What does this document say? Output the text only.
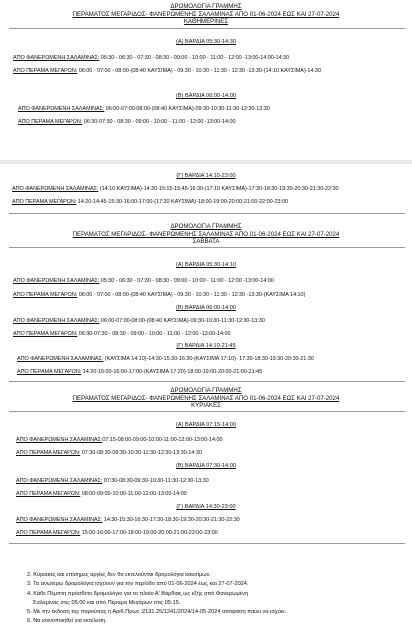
ΔΡΟΜΟΛΟΓΙΑ ΓΡΑΜΜΗΣ
ΠΕΡΑΜΑΤΟΣ ΜΕΓΑΡΙΔΟΣ- ΦΑΝΕΡΩΜΕΝΗΣ ΣΑΛΑΜΙΝΑΣ ΑΠΟ 01-06-2024 ΕΩΣ ΚΑΙ 27-07-2024
ΚΑΘΗΜΕΡΙΝΕΣ
(Α) ΒΑΡΔΙΑ 05:30-14:30
ΑΠΟ ΦΑΝΕΡΩΜΕΝΗ ΣΑΛΑΜΙΝΑΣ: 05:30 - 06:30 - 07:30 - 08:30 - 09:00 - 10:00 - 11:00 - 12:00 -13:00-14:00-14:30
ΑΠΟ ΠΕΡΑΜΑ ΜΕΓΑΡΩΝ: 06:00 - 07:00 - 08:00-(08:40 ΚΑΥΣΙΜΑ) - 09:30 - 10:30 - 11:30 - 12:30 -13:30-(14:10 ΚΑΥΣΙΜΑ)-14:30
(Β) ΒΑΡΔΙΑ 06:00-14:00
ΑΠΟ ΦΑΝΕΡΩΜΕΝΗ ΣΑΛΑΜΙΝΑΣ: 06:00-07:00-08:00-(08:40 ΚΑΥΣΙΜΑ)-09:30-10:30-11:30-12:30-13:30
ΑΠΟ ΠΕΡΑΜΑ ΜΕΓΑΡΩΝ: 06:30-07:30 - 08:30 - 09:00 - 10:00 - 11:00 - 12:00 -13:00-14:00
(Γ) ΒΑΡΔΙΑ 14:10-23:00
ΑΠΟ ΦΑΝΕΡΩΜΕΝΗ ΣΑΛΑΜΙΝΑΣ: (14:10 ΚΑΥΣΙΜΑ)-14:30-15:15-15:45-16:30-(17:10 ΚΑΥΣΙΜΑ)-17:30-18:30-19:30-20:30-21:30-22:30
ΑΠΟ ΠΕΡΑΜΑ ΜΕΓΑΡΩΝ: 14:20-14:45-15:30-16:00-17:00-(17:20 ΚΑΥΣΙΜΑ)-18:00-19:00-20:00-21:00-22:00-23:00
ΔΡΟΜΟΛΟΓΙΑ ΓΡΑΜΜΗΣ
ΠΕΡΑΜΑΤΟΣ ΜΕΓΑΡΙΔΟΣ- ΦΑΝΕΡΩΜΕΝΗΣ ΣΑΛΑΜΙΝΑΣ ΑΠΟ 01-06-2024 ΕΩΣ ΚΑΙ 27-07-2024
ΣΑΒΒΑΤΑ
(Α) ΒΑΡΔΙΑ 05:30-14:10
ΑΠΟ ΦΑΝΕΡΩΜΕΝΗ ΣΑΛΑΜΙΝΑΣ: 05:30 - 06:30 - 07:30 - 08:30 - 09:00 - 10:00 - 11:00 - 12:00 -13:00-14:00
ΑΠΟ ΠΕΡΑΜΑ ΜΕΓΑΡΩΝ: 06:00 - 07:00 - 08:00-(08:40 ΚΑΥΣΙΜΑ) - 09:30 - 10:30 - 11:30 - 12:30 -13:30-(ΚΑΥΣΙΜΑ 14:10)
(Β) ΒΑΡΔΙΑ 06:00-14:00
ΑΠΟ ΦΑΝΕΡΩΜΕΝΗ ΣΑΛΑΜΙΝΑΣ: 06:00-07:00-08:00-(08:40 ΚΑΥΣΙΜΑ)-09:30-10:30-11:30-12:30-13:30
ΑΠΟ ΠΕΡΑΜΑ ΜΕΓΑΡΩΝ: 06:30-07:30 - 08:30 - 09:00 - 10:00 - 11:00 - 12:00 -13:00-14:00
(Γ) ΒΑΡΔΙΑ 14:10-21:45
ΑΠΟ ΦΑΝΕΡΩΜΕΝΗ ΣΑΛΑΜΙΝΑΣ: (ΚΑΥΣΙΜΑ 14:10)-14:30-15:30-16:30-(ΚΑΥΣΙΜΑ 17:10)- 17:30-18:30-19:30-20:30-21:30
ΑΠΟ ΠΕΡΑΜΑ ΜΕΓΑΡΩΝ: 14:20-15:00-16:00-17:00-(ΚΑΥΣΙΜΑ 17:20)-18:00-19:00-20:00-21:00-21:45
ΔΡΟΜΟΛΟΓΙΑ ΓΡΑΜΜΗΣ
ΠΕΡΑΜΑΤΟΣ ΜΕΓΑΡΙΔΟΣ- ΦΑΝΕΡΩΜΕΝΗΣ ΣΑΛΑΜΙΝΑΣ ΑΠΟ 01-06-2024 ΕΩΣ ΚΑΙ 27-07-2024
ΚΥΡΙΑΚΕΣ
(Α) ΒΑΡΔΙΑ 07:15-14:00
ΑΠΟ ΦΑΝΕΡΩΜΕΝΗ ΣΑΛΑΜΙΝΑΣ:07:15-08:00-09:00-10:00-11:00-12:00-13:00-14:00
ΑΠΟ ΠΕΡΑΜΑ ΜΕΓΑΡΩΝ: 07:30-08:30-09:30-10:30-11:30-12:30-13:30-14:30
(Β) ΒΑΡΔΙΑ 07:30-14:00
ΑΠΟ ΦΑΝΕΡΩΜΕΝΗ ΣΑΛΑΜΙΝΑΣ: 07:30-08:30-09:30-10:30-11:30-12:30-13:30
ΑΠΟ ΠΕΡΑΜΑ ΜΕΓΑΡΩΝ: 08:00-09:00-10:00-11:00-12:00-13:00-14:00
(Γ) ΒΑΡΔΙΑ 14:30-23:00
ΑΠΟ ΦΑΝΕΡΩΜΕΝΗ ΣΑΛΑΜΙΝΑΣ: 14:30-15:30-16:30-17:30-18:30-19:30-20:30-21:30-22:30
ΑΠΟ ΠΕΡΑΜΑ ΜΕΓΑΡΩΝ: 15:00-16:00-17:00-18:00-19:00-20:00-21:00-22:00-23:00
2. Κυριακές και επίσημες αργίες δεν θα εκτελούνται δρομολόγια καυσίμων.
3. Τα ανωτέρω δρομολόγια ισχύουν για την περίοδο από 01-06-2024 έως και 27-07-2024.
4. Κάθε Πέμπτη πρόσθετο δρομολόγιο για το πλοίο Α' Βάρδιας ως εξής από Φανερωμένη
Σαλαμίνας στις 05:00 και από Πέραμα Μεγάρων στις 05:15.
5. Με την έκδοση της παρούσας η Αριθ.Πρωτ.:2131.25/1241/2024/14-05-2024 απόφαση παύει να ισχύει.
6. Να κοινοποιηθεί για εκτέλεση.
